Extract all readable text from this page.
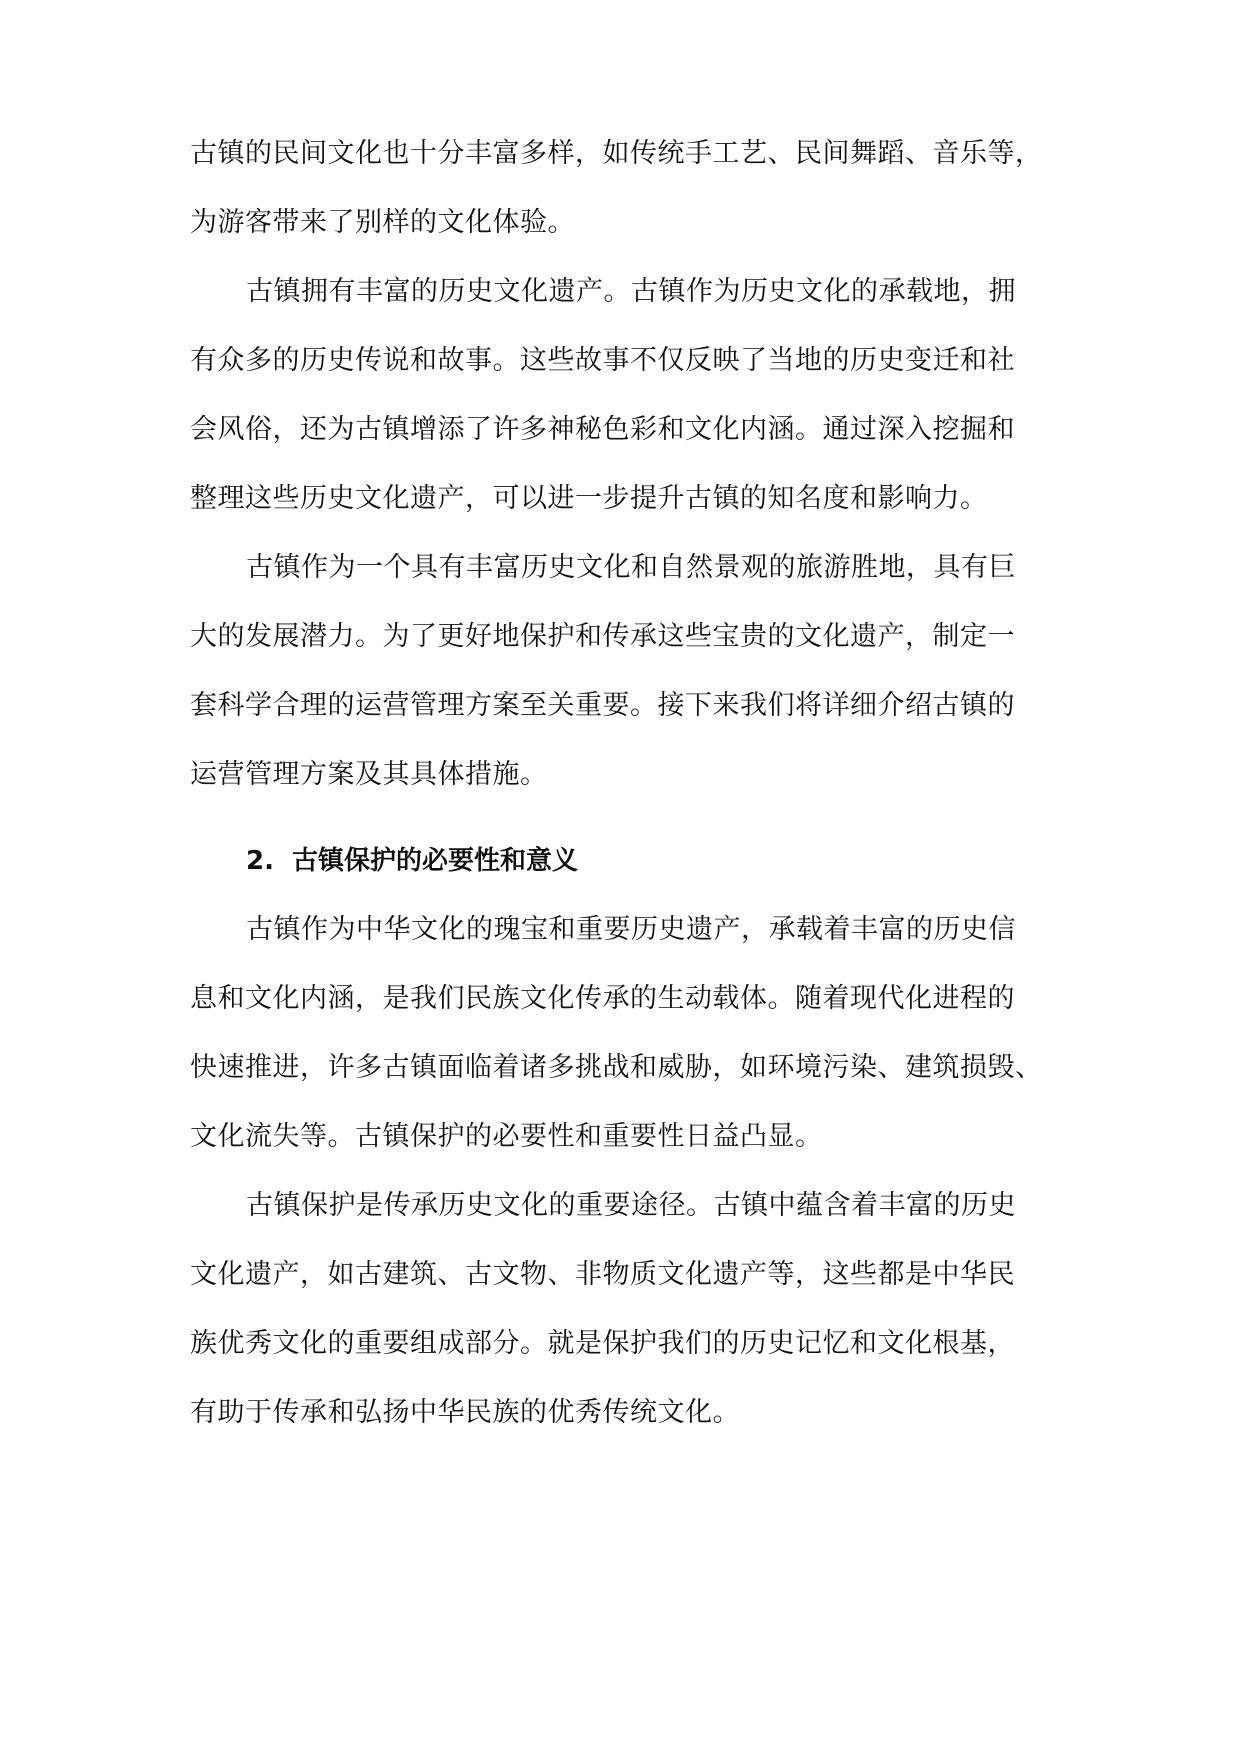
古镇的民间文化也十分丰富多样，如传统手工艺、民间舞蹈、音乐等，
为游客带来了别样的文化体验。
古镇拥有丰富的历史文化遗产。古镇作为历史文化的承载地，拥
有众多的历史传说和故事。这些故事不仅反映了当地的历史变迁和社
会风俗，还为古镇增添了许多神秘色彩和文化内涵。通过深入挖掘和
整理这些历史文化遗产，可以进一步提升古镇的知名度和影响力。
古镇作为一个具有丰富历史文化和自然景观的旅游胜地，具有巨
大的发展潜力。为了更好地保护和传承这些宝贵的文化遗产，制定一
套科学合理的运营管理方案至关重要。接下来我们将详细介绍古镇的
运营管理方案及其具体措施。
2. 古镇保护的必要性和意义
古镇作为中华文化的瑰宝和重要历史遗产，承载着丰富的历史信
息和文化内涵，是我们民族文化传承的生动载体。随着现代化进程的
快速推进，许多古镇面临着诸多挑战和威胁，如环境污染、建筑损毁、
文化流失等。古镇保护的必要性和重要性日益凸显。
古镇保护是传承历史文化的重要途径。古镇中蕴含着丰富的历史
文化遗产，如古建筑、古文物、非物质文化遗产等，这些都是中华民
族优秀文化的重要组成部分。就是保护我们的历史记忆和文化根基，
有助于传承和弘扬中华民族的优秀传统文化。
